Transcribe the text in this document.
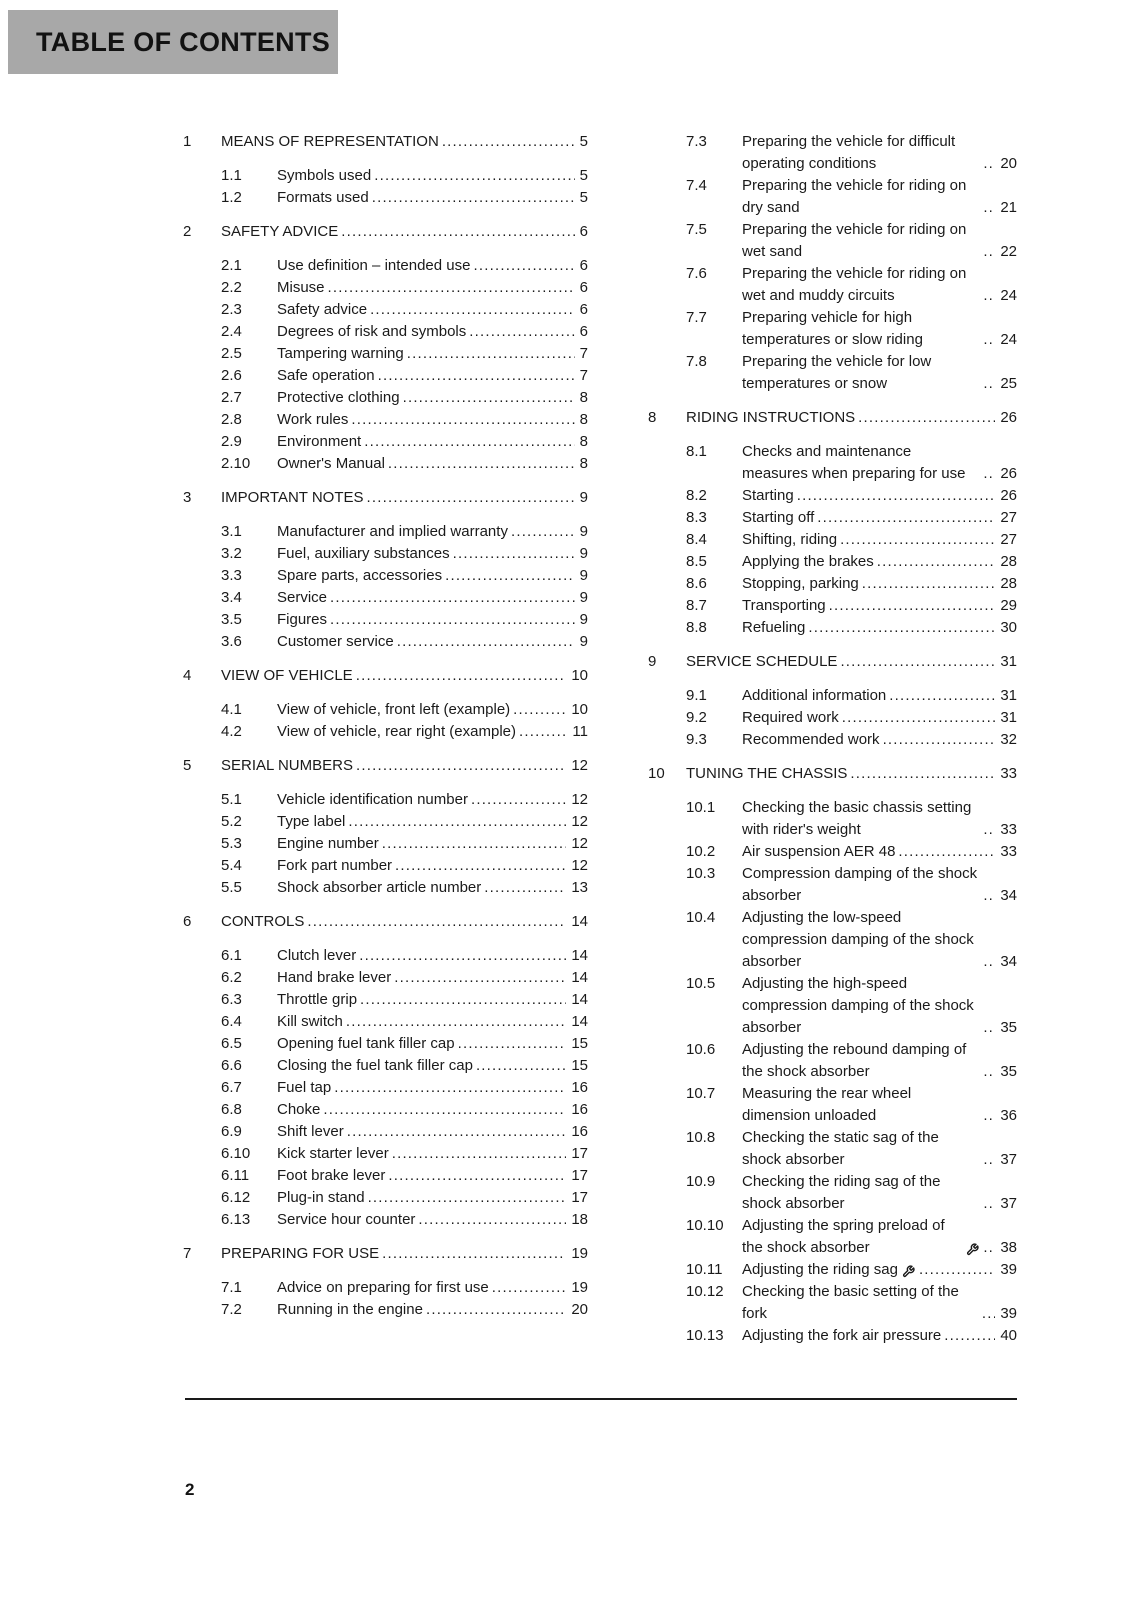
TABLE OF CONTENTS
1	MEANS OF REPRESENTATION .....	5
1.1	Symbols used .....	5
1.2	Formats used .....	5
2	SAFETY ADVICE .....	6
2.1	Use definition – intended use .....	6
2.2	Misuse .....	6
2.3	Safety advice .....	6
2.4	Degrees of risk and symbols .....	6
2.5	Tampering warning .....	7
2.6	Safe operation .....	7
2.7	Protective clothing .....	8
2.8	Work rules .....	8
2.9	Environment .....	8
2.10	Owner's Manual .....	8
3	IMPORTANT NOTES .....	9
3.1	Manufacturer and implied warranty .....	9
3.2	Fuel, auxiliary substances .....	9
3.3	Spare parts, accessories .....	9
3.4	Service .....	9
3.5	Figures .....	9
3.6	Customer service .....	9
4	VIEW OF VEHICLE .....	10
4.1	View of vehicle, front left (example) .....	10
4.2	View of vehicle, rear right (example) .....	11
5	SERIAL NUMBERS .....	12
5.1	Vehicle identification number .....	12
5.2	Type label .....	12
5.3	Engine number .....	12
5.4	Fork part number .....	12
5.5	Shock absorber article number .....	13
6	CONTROLS .....	14
6.1	Clutch lever .....	14
6.2	Hand brake lever .....	14
6.3	Throttle grip .....	14
6.4	Kill switch .....	14
6.5	Opening fuel tank filler cap .....	15
6.6	Closing the fuel tank filler cap .....	15
6.7	Fuel tap .....	16
6.8	Choke .....	16
6.9	Shift lever .....	16
6.10	Kick starter lever .....	17
6.11	Foot brake lever .....	17
6.12	Plug-in stand .....	17
6.13	Service hour counter .....	18
7	PREPARING FOR USE .....	19
7.1	Advice on preparing for first use .....	19
7.2	Running in the engine .....	20
7.3	Preparing the vehicle for difficult operating conditions .....	20
7.4	Preparing the vehicle for riding on dry sand .....	21
7.5	Preparing the vehicle for riding on wet sand .....	22
7.6	Preparing the vehicle for riding on wet and muddy circuits .....	24
7.7	Preparing vehicle for high temperatures or slow riding .....	24
7.8	Preparing the vehicle for low temperatures or snow .....	25
8	RIDING INSTRUCTIONS .....	26
8.1	Checks and maintenance measures when preparing for use .....	26
8.2	Starting .....	26
8.3	Starting off .....	27
8.4	Shifting, riding .....	27
8.5	Applying the brakes .....	28
8.6	Stopping, parking .....	28
8.7	Transporting .....	29
8.8	Refueling .....	30
9	SERVICE SCHEDULE .....	31
9.1	Additional information .....	31
9.2	Required work .....	31
9.3	Recommended work .....	32
10	TUNING THE CHASSIS .....	33
10.1	Checking the basic chassis setting with rider's weight .....	33
10.2	Air suspension AER 48 .....	33
10.3	Compression damping of the shock absorber .....	34
10.4	Adjusting the low-speed compression damping of the shock absorber .....	34
10.5	Adjusting the high-speed compression damping of the shock absorber .....	35
10.6	Adjusting the rebound damping of the shock absorber .....	35
10.7	Measuring the rear wheel dimension unloaded .....	36
10.8	Checking the static sag of the shock absorber .....	37
10.9	Checking the riding sag of the shock absorber .....	37
10.10	Adjusting the spring preload of the shock absorber .....	38
10.11	Adjusting the riding sag .....	39
10.12	Checking the basic setting of the fork .....	39
10.13	Adjusting the fork air pressure .....	40
2
